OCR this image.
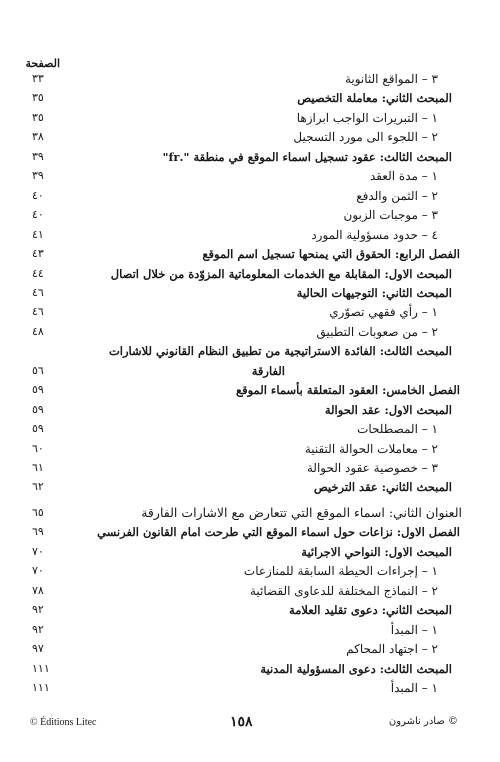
الصفحة
٣٣	٣ – المواقع الثانوية
٣٥	المبحث الثاني: معاملة التخصيص
٣٥	١ – التبريرات الواجب ابرازها
٣٨	٢ – اللجوء الى مورد التسجيل
٣٩	المبحث الثالث: عقود تسجيل اسماء الموقع في منطقة ".fr"
٣٩	١ – مدة العقد
٤٠	٢ – الثمن والدفع
٤٠	٣ – موجبات الزبون
٤١	٤ – حدود مسؤولية المورد
٤٣	الفصل الرابع: الحقوق التي يمنحها تسجيل اسم الموقع
٤٤	المبحث الاول: المقابلة مع الخدمات المعلوماتية المزوّدة من خلال اتصال
٤٦	المبحث الثاني: التوجيهات الحالية
٤٦	١ – رأي فقهي تصوّري
٤٨	٢ – من صعوبات التطبيق
المبحث الثالث: الفائدة الاستراتيجية من تطبيق النظام القانوني للاشارات
٥٦	الفارقة
٥٩	الفصل الخامس: العقود المتعلقة بأسماء الموقع
٥٩	المبحث الاول: عقد الحوالة
٥٩	١ – المصطلحات
٦٠	٢ – معاملات الحوالة التقنية
٦١	٣ – خصوصية عقود الحوالة
٦٢	المبحث الثاني: عقد الترخيص
٦٥	العنوان الثاني: اسماء الموقع التي تتعارض مع الاشارات الفارقة
٦٩	الفصل الاول: نزاعات حول اسماء الموقع التي طرحت امام القانون الفرنسي
٧٠	المبحث الاول: النواحي الاجرائية
٧٠	١ – إجراءات الحيطة السابقة للمنازعات
٧٨	٢ – النماذج المختلفة للدعاوى القضائية
٩٢	المبحث الثاني: دعوى تقليد العلامة
٩٢	١ – المبدأ
٩٧	٢ – اجتهاد المحاكم
١١١	المبحث الثالث: دعوى المسؤولية المدنية
١١١	١ – المبدأ
© Éditions Litec	١٥٨	© صادر ناشرون
